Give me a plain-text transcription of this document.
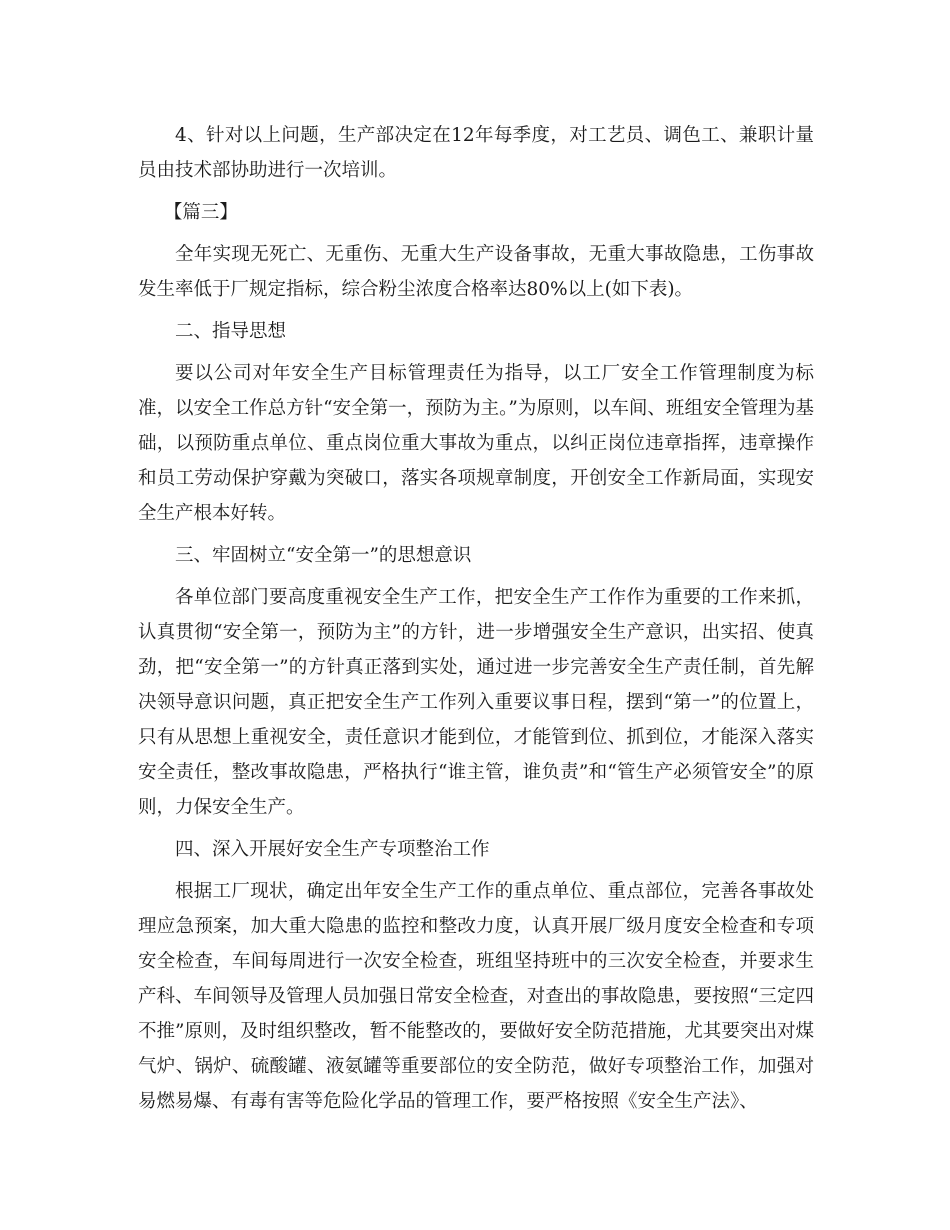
4、针对以上问题，生产部决定在12年每季度，对工艺员、调色工、兼职计量员由技术部协助进行一次培训。

【篇三】

全年实现无死亡、无重伤、无重大生产设备事故，无重大事故隐患，工伤事故发生率低于厂规定指标，综合粉尘浓度合格率达80%以上(如下表)。

二、指导思想

要以公司对年安全生产目标管理责任为指导，以工厂安全工作管理制度为标准，以安全工作总方针“安全第一，预防为主。”为原则，以车间、班组安全管理为基础，以预防重点单位、重点岗位重大事故为重点，以纠正岗位违章指挥，违章操作和员工劳动保护穿戴为突破口，落实各项规章制度，开创安全工作新局面，实现安全生产根本好转。

三、牢固树立“安全第一”的思想意识

各单位部门要高度重视安全生产工作，把安全生产工作作为重要的工作来抓，认真贯彻“安全第一，预防为主”的方针，进一步增强安全生产意识，出实招、使真劲，把“安全第一”的方针真正落到实处，通过进一步完善安全生产责任制，首先解决领导意识问题，真正把安全生产工作列入重要议事日程，摆到“第一”的位置上，只有从思想上重视安全，责任意识才能到位，才能管到位、抓到位，才能深入落实安全责任，整改事故隐患，严格执行“谁主管，谁负责”和“管生产必须管安全”的原则，力保安全生产。

四、深入开展好安全生产专项整治工作

根据工厂现状，确定出年安全生产工作的重点单位、重点部位，完善各事故处理应急预案，加大重大隐患的监控和整改力度，认真开展厂级月度安全检查和专项安全检查，车间每周进行一次安全检查，班组坚持班中的三次安全检查，并要求生产科、车间领导及管理人员加强日常安全检查，对查出的事故隐患，要按照“三定四不推”原则，及时组织整改，暂不能整改的，要做好安全防范措施，尤其要突出对煤气炉、锅炉、硫酸罐、液氨罐等重要部位的安全防范，做好专项整治工作，加强对易燃易爆、有毒有害等危险化学品的管理工作，要严格按照《安全生产法》、
